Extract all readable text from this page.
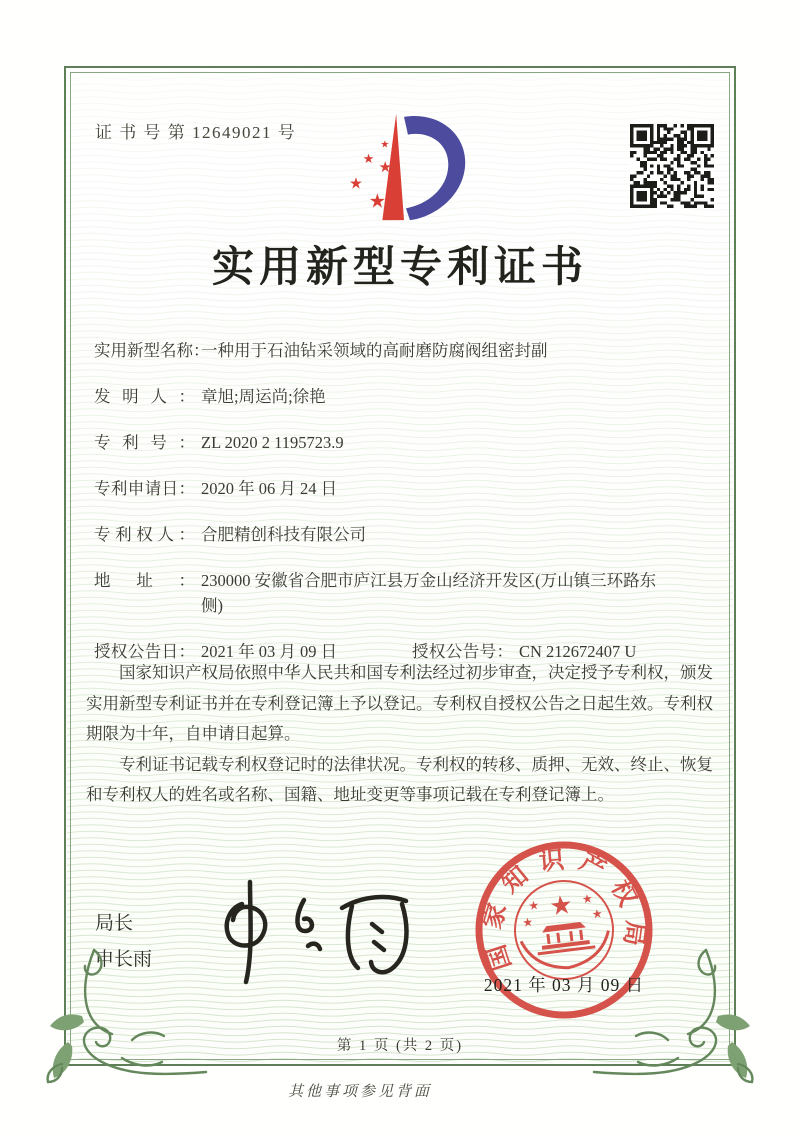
证 书 号 第 12649021 号
★
★
★
★
★
实用新型专利证书
实用新型名称 ： 一种用于石油钻采领域的高耐磨防腐阀组密封副
发明人 ：	章旭;周运尚;徐艳
专利号 ：	ZL 2020 2 1195723.9
专利申请日 ：	2020 年 06 月 24 日
专利权人 ：	合肥精创科技有限公司
地址 ：	230000 安徽省合肥市庐江县万金山经济开发区(万山镇三环路东侧)
授权公告日 ：	2021 年 03 月 09 日	授权公告号 ：	CN 212672407 U

国家知识产权局依照中华人民共和国专利法经过初步审查，决定授予专利权，颁发实用新型专利证书并在专利登记簿上予以登记。专利权自授权公告之日起生效。专利权期限为十年，自申请日起算。

专利证书记载专利权登记时的法律状况。专利权的转移、质押、无效、终止、恢复和专利权人的姓名或名称、国籍、地址变更等事项记载在专利登记簿上。

局长
申长雨	国家知识产权局
★
★	★
★
★
2021 年 03 月 09 日
第 1 页 (共 2 页)
其他事项参见背面
